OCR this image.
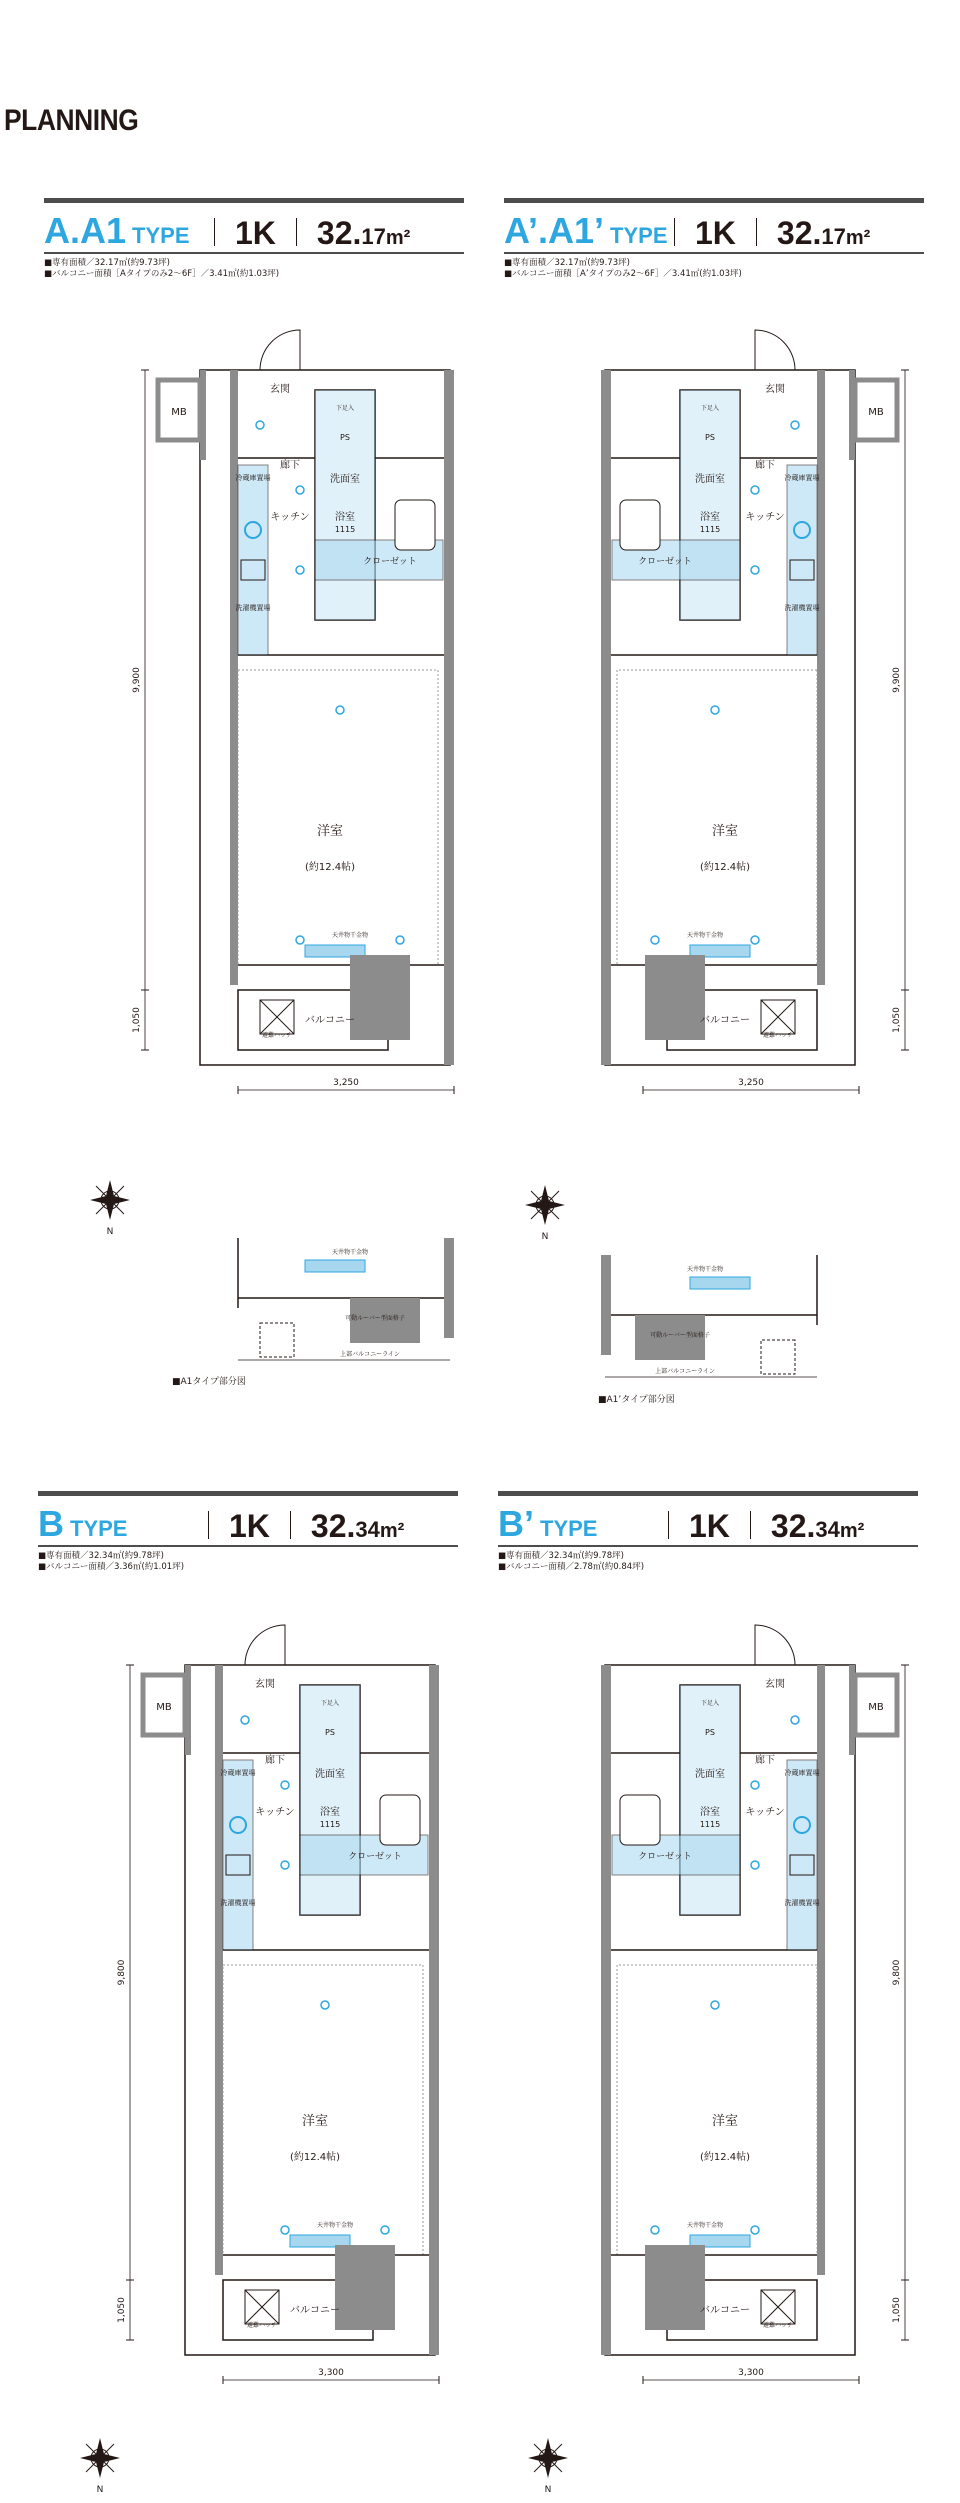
PLANNING
A.A1 TYPE 1K 32.17m²
■専有面積／32.17㎡(約9.73坪)
■バルコニー面積［Aタイプのみ2〜6F］／3.41㎡(約1.03坪)
A’.A1’ TYPE 1K 32.17m²
■専有面積／32.17㎡(約9.73坪)
■バルコニー面積［A’タイプのみ2〜6F］／3.41㎡(約1.03坪)
BTYPE	1K 32.34m²
■専有面積／32.34㎡(約9.78坪)
■バルコニー面積／3.36㎡(約1.01坪)
B’ TYPE	1K 32.34m²
■専有面積／32.34㎡(約9.78坪)
■バルコニー面積／2.78㎡(約0.84坪)
玄関
MB
PS
廊下
洗面室
冷蔵庫置場
キッチン	浴室
1115
洗濯機置場
クローゼット
洋室
(約12.4帖)
天井物干金物
バルコニー
避難ハッチ
下足入
9,900
1,050
3,250
玄関
MB
PS
廊下
洗面室	冷蔵庫置場
キッチン
浴室
1115
洗濯機置場
クローゼット
洋室
(約12.4帖)
天井物干金物
バルコニー
避難ハッチ
下足入
9,900
1,050
3,250
玄関
MB
PS
廊下
洗面室
冷蔵庫置場
キッチン	浴室
1115
洗濯機置場
クローゼット
洋室
(約12.4帖)
天井物干金物
バルコニー
避難ハッチ
下足入
9,800
1,050
3,300
玄関
MB
PS
廊下
洗面室	冷蔵庫置場
キッチン
浴室
1115
洗濯機置場
クローゼット
洋室
(約12.4帖)
天井物干金物
バルコニー
避難ハッチ
下足入
9,800
1,050
3,300
天井物干金物
可動ルーバー型面格子
上部バルコニーライン
天井物干金物
可動ルーバー型面格子
上部バルコニーライン
N	N
N	N
■A1タイプ部分図
■A1’タイプ部分図
